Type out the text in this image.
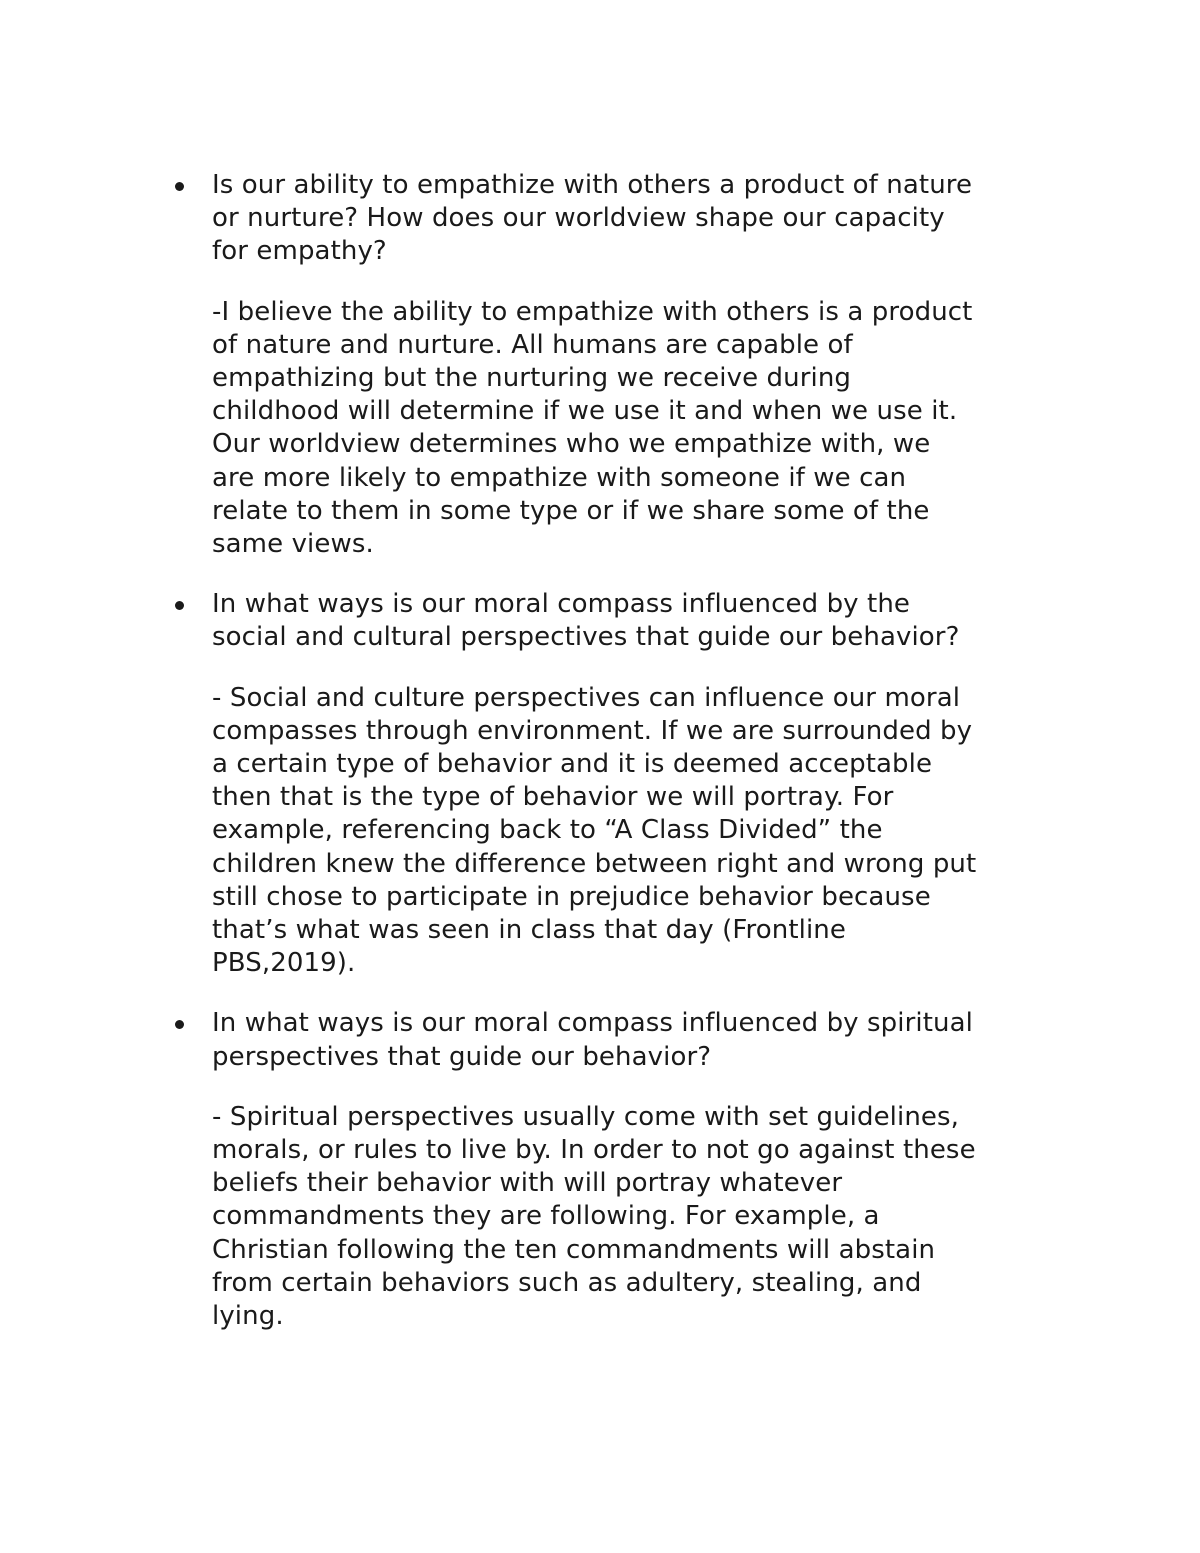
Is our ability to empathize with others a product of nature
or nurture? How does our worldview shape our capacity
for empathy?

-I believe the ability to empathize with others is a product
of nature and nurture. All humans are capable of
empathizing but the nurturing we receive during
childhood will determine if we use it and when we use it.
Our worldview determines who we empathize with, we
are more likely to empathize with someone if we can
relate to them in some type or if we share some of the
same views.

In what ways is our moral compass influenced by the
social and cultural perspectives that guide our behavior?

- Social and culture perspectives can influence our moral
compasses through environment. If we are surrounded by
a certain type of behavior and it is deemed acceptable
then that is the type of behavior we will portray. For
example, referencing back to “A Class Divided” the
children knew the difference between right and wrong put
still chose to participate in prejudice behavior because
that’s what was seen in class that day (Frontline
PBS,2019).

In what ways is our moral compass influenced by spiritual
perspectives that guide our behavior?

- Spiritual perspectives usually come with set guidelines,
morals, or rules to live by. In order to not go against these
beliefs their behavior with will portray whatever
commandments they are following. For example, a
Christian following the ten commandments will abstain
from certain behaviors such as adultery, stealing, and
lying.
